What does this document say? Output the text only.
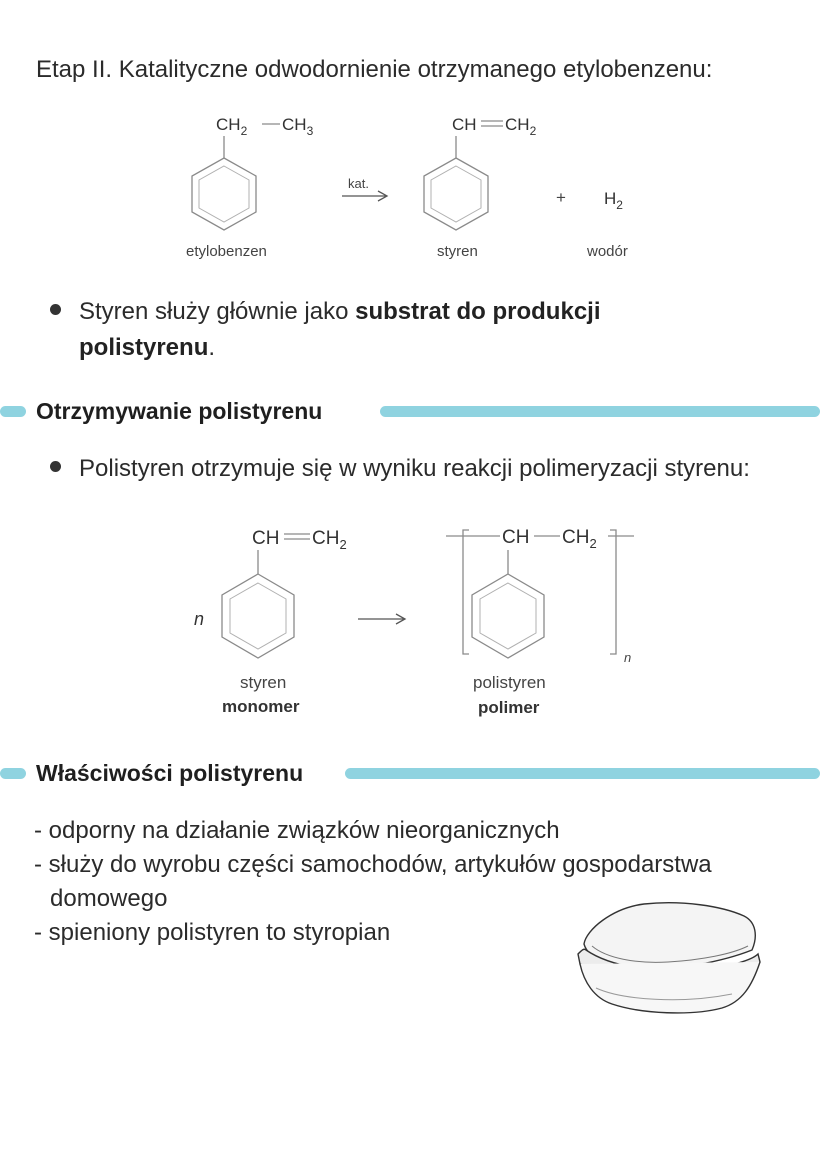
Etap II. Katalityczne odwodornienie otrzymanego etylobenzenu:
$CH_2$ $CH_3$
etylobenzen
kat.
CH $CH_2$
styren
+ $H_2$
wodór
Styren służy głównie jako substrat do produkcji
polistyrenu.
Otrzymywanie polistyrenu
Polistyren otrzymuje się w wyniku reakcji polimeryzacji styrenu:
n
CH $CH_2$
styren
monomer
CH $CH_2$
n
polistyren
polimer
Właściwości polistyrenu
- odporny na działanie związków nieorganicznych
- służy do wyrobu części samochodów, artykułów gospodarstwa
domowego
- spieniony polistyren to styropian
